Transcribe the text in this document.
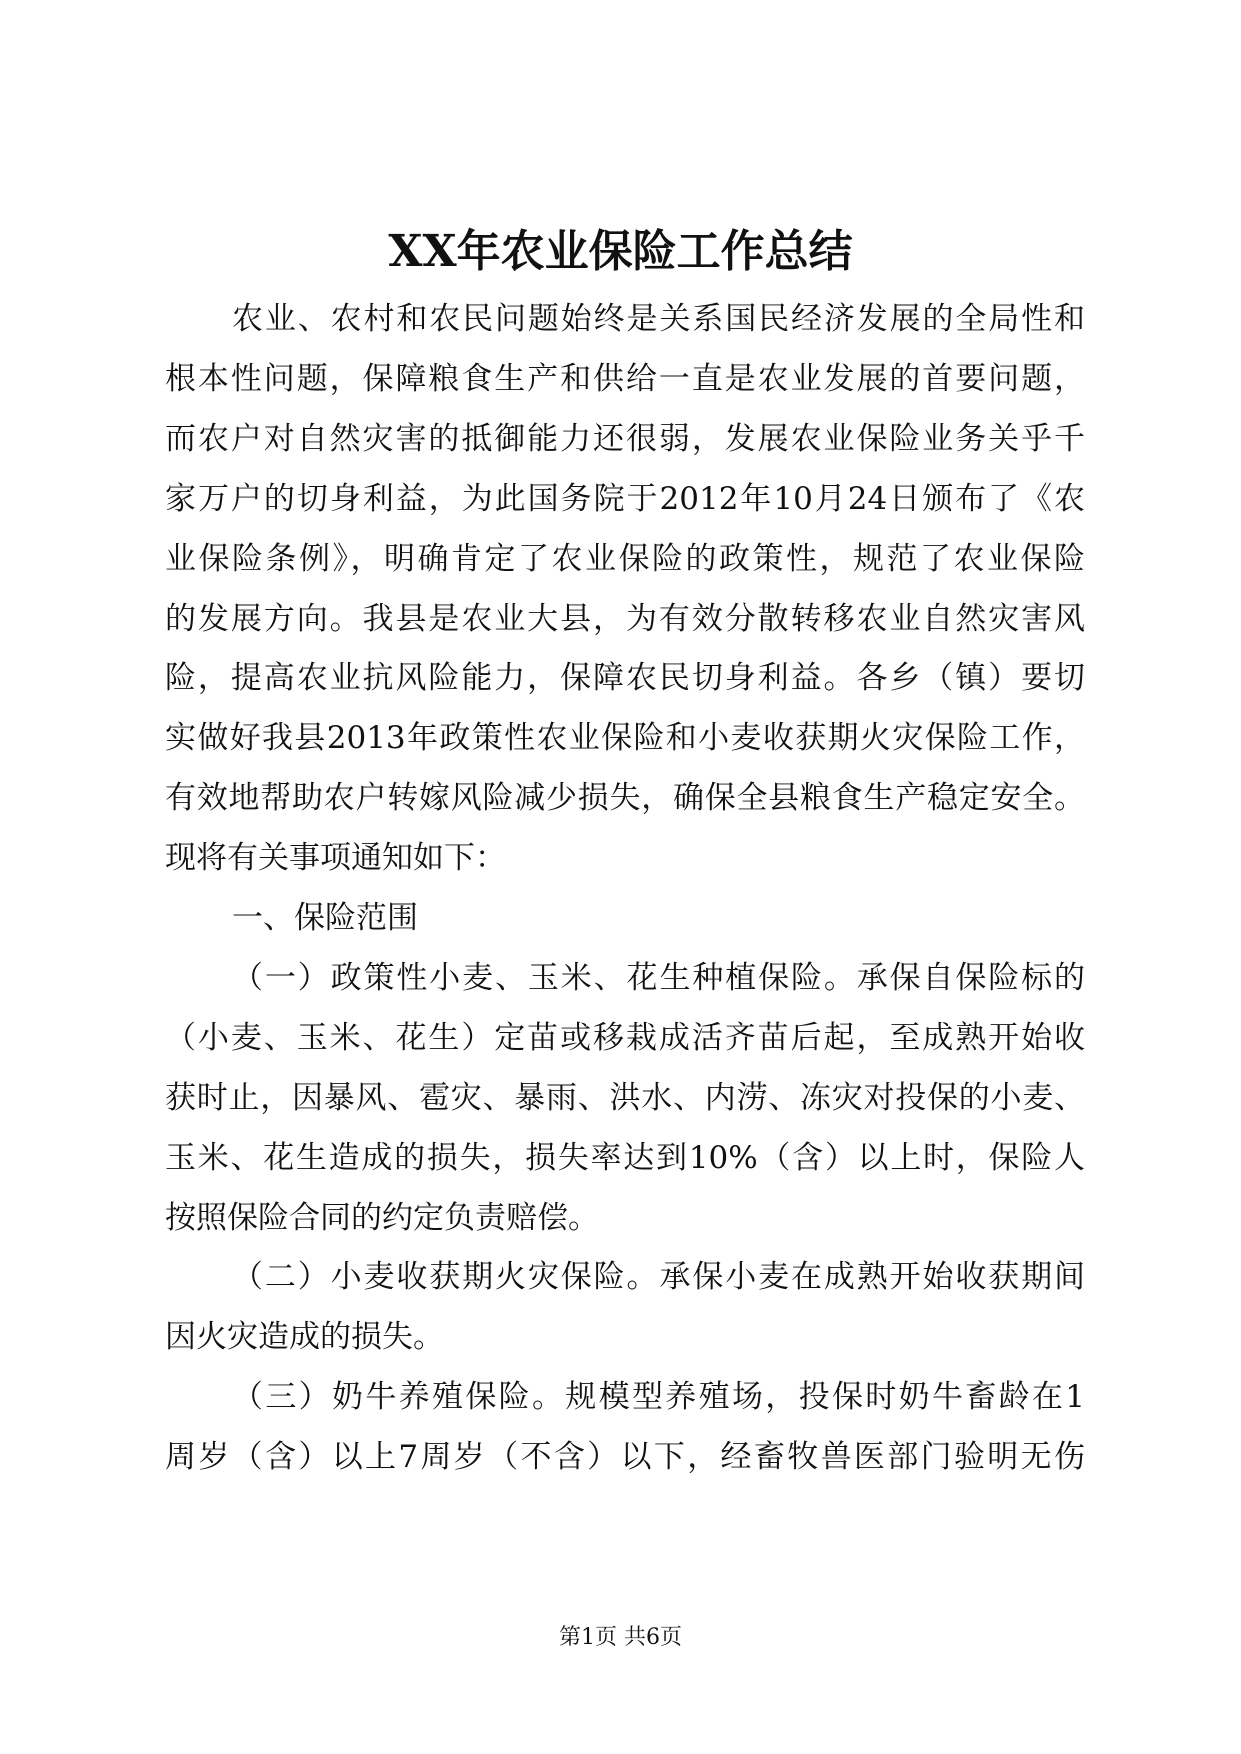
XX年农业保险工作总结
农业、农村和农民问题始终是关系国民经济发展的全局性和
根本性问题，保障粮食生产和供给一直是农业发展的首要问题，
而农户对自然灾害的抵御能力还很弱，发展农业保险业务关乎千
家万户的切身利益，为此国务院于2012年10月24日颁布了《农
业保险条例》，明确肯定了农业保险的政策性，规范了农业保险
的发展方向。我县是农业大县，为有效分散转移农业自然灾害风
险，提高农业抗风险能力，保障农民切身利益。各乡（镇）要切
实做好我县2013年政策性农业保险和小麦收获期火灾保险工作，
有效地帮助农户转嫁风险减少损失，确保全县粮食生产稳定安全。
现将有关事项通知如下：
一、保险范围
（一）政策性小麦、玉米、花生种植保险。承保自保险标的
（小麦、玉米、花生）定苗或移栽成活齐苗后起，至成熟开始收
获时止，因暴风、雹灾、暴雨、洪水、内涝、冻灾对投保的小麦、
玉米、花生造成的损失，损失率达到10%（含）以上时，保险人
按照保险合同的约定负责赔偿。
（二）小麦收获期火灾保险。承保小麦在成熟开始收获期间
因火灾造成的损失。
（三）奶牛养殖保险。规模型养殖场，投保时奶牛畜龄在1
周岁（含）以上7周岁（不含）以下，经畜牧兽医部门验明无伤
第1页 共6页
